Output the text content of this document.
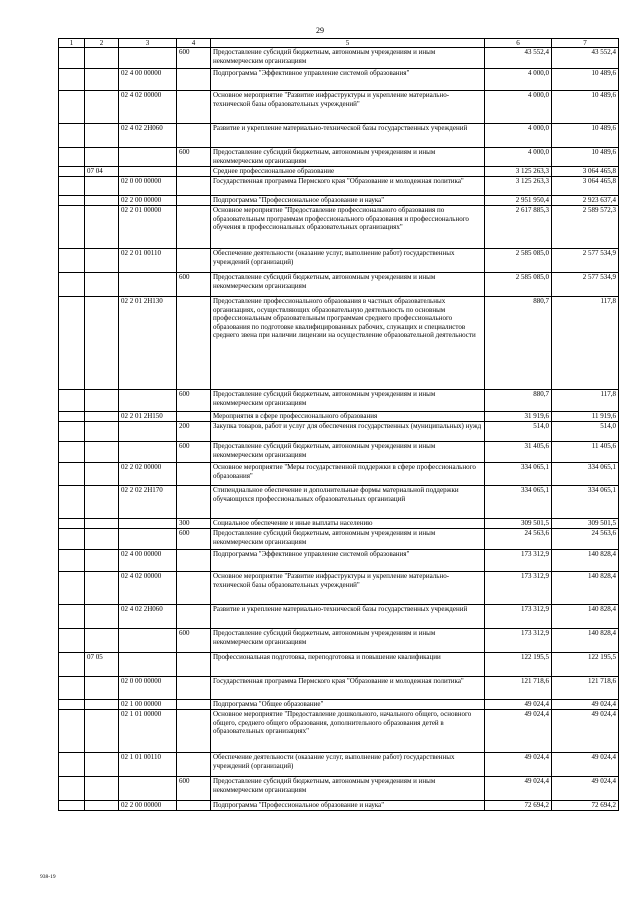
29
1	2	3	4	5	6	7
			600	Предоставление субсидий бюджетным, автономным учреждениям и иным некоммерческим организациям	43 552,4	43 552,4
		02 4 00 00000		Подпрограмма "Эффективное управление системой образования"	4 000,0	10 489,6
		02 4 02 00000		Основное мероприятие "Развитие инфраструктуры и укрепление материально-технической базы образовательных учреждений"	4 000,0	10 489,6
		02 4 02 2Н060		Развитие и укрепление материально-технической базы государственных учреждений	4 000,0	10 489,6
			600	Предоставление субсидий бюджетным, автономным учреждениям и иным некоммерческим организациям	4 000,0	10 489,6
	07 04			Среднее профессиональное образование	3 125 263,3	3 064 465,8
		02 0 00 00000		Государственная программа Пермского края "Образование и молодежная политика"	3 125 263,3	3 064 465,8
		02 2 00 00000		Подпрограмма "Профессиональное образование и наука"	2 951 950,4	2 923 637,4
		02 2 01 00000		Основное мероприятие "Предоставление профессионального образования по образовательным программам профессионального образования и профессионального обучения в профессиональных образовательных организациях"	2 617 885,3	2 589 572,3
		02 2 01 00110		Обеспечение деятельности (оказание услуг, выполнение работ) государственных учреждений (организаций)	2 585 085,0	2 577 534,9
			600	Предоставление субсидий бюджетным, автономным учреждениям и иным некоммерческим организациям	2 585 085,0	2 577 534,9
		02 2 01 2Н130		Предоставление профессионального образования в частных образовательных организациях, осуществляющих образовательную деятельность по основным профессиональным образовательным программам среднего профессионального образования по подготовке квалифицированных рабочих, служащих и специалистов среднего звена при наличии лицензии на осуществление образовательной деятельности	880,7	117,8
			600	Предоставление субсидий бюджетным, автономным учреждениям и иным некоммерческим организациям	880,7	117,8
		02 2 01 2Н150		Мероприятия в сфере профессионального образования	31 919,6	11 919,6
			200	Закупка товаров, работ и услуг для обеспечения государственных (муниципальных) нужд	514,0	514,0
			600	Предоставление субсидий бюджетным, автономным учреждениям и иным некоммерческим организациям	31 405,6	11 405,6
		02 2 02 00000		Основное мероприятие "Меры государственной поддержки в сфере профессионального образования"	334 065,1	334 065,1
		02 2 02 2Н170		Стипендиальное обеспечение и дополнительные формы материальной поддержки обучающихся профессиональных образовательных организаций	334 065,1	334 065,1
			300	Социальное обеспечение и иные выплаты населению	309 501,5	309 501,5
			600	Предоставление субсидий бюджетным, автономным учреждениям и иным некоммерческим организациям	24 563,6	24 563,6
		02 4 00 00000		Подпрограмма "Эффективное управление системой образования"	173 312,9	140 828,4
		02 4 02 00000		Основное мероприятие "Развитие инфраструктуры и укрепление материально-технической базы образовательных учреждений"	173 312,9	140 828,4
		02 4 02 2Н060		Развитие и укрепление материально-технической базы государственных учреждений	173 312,9	140 828,4
			600	Предоставление субсидий бюджетным, автономным учреждениям и иным некоммерческим организациям	173 312,9	140 828,4
	07 05			Профессиональная подготовка, переподготовка и повышение квалификации	122 195,5	122 195,5
		02 0 00 00000		Государственная программа Пермского края "Образование и молодежная политика"	121 718,6	121 718,6
		02 1 00 00000		Подпрограмма "Общее образование"	49 024,4	49 024,4
		02 1 01 00000		Основное мероприятие "Предоставление дошкольного, начального общего, основного общего, среднего общего образования, дополнительного образования детей в образовательных организациях"	49 024,4	49 024,4
		02 1 01 00110		Обеспечение деятельности (оказание услуг, выполнение работ) государственных учреждений (организаций)	49 024,4	49 024,4
			600	Предоставление субсидий бюджетным, автономным учреждениям и иным некоммерческим организациям	49 024,4	49 024,4
		02 2 00 00000		Подпрограмма "Профессиональное образование и наука"	72 694,2	72 694,2
938-19
